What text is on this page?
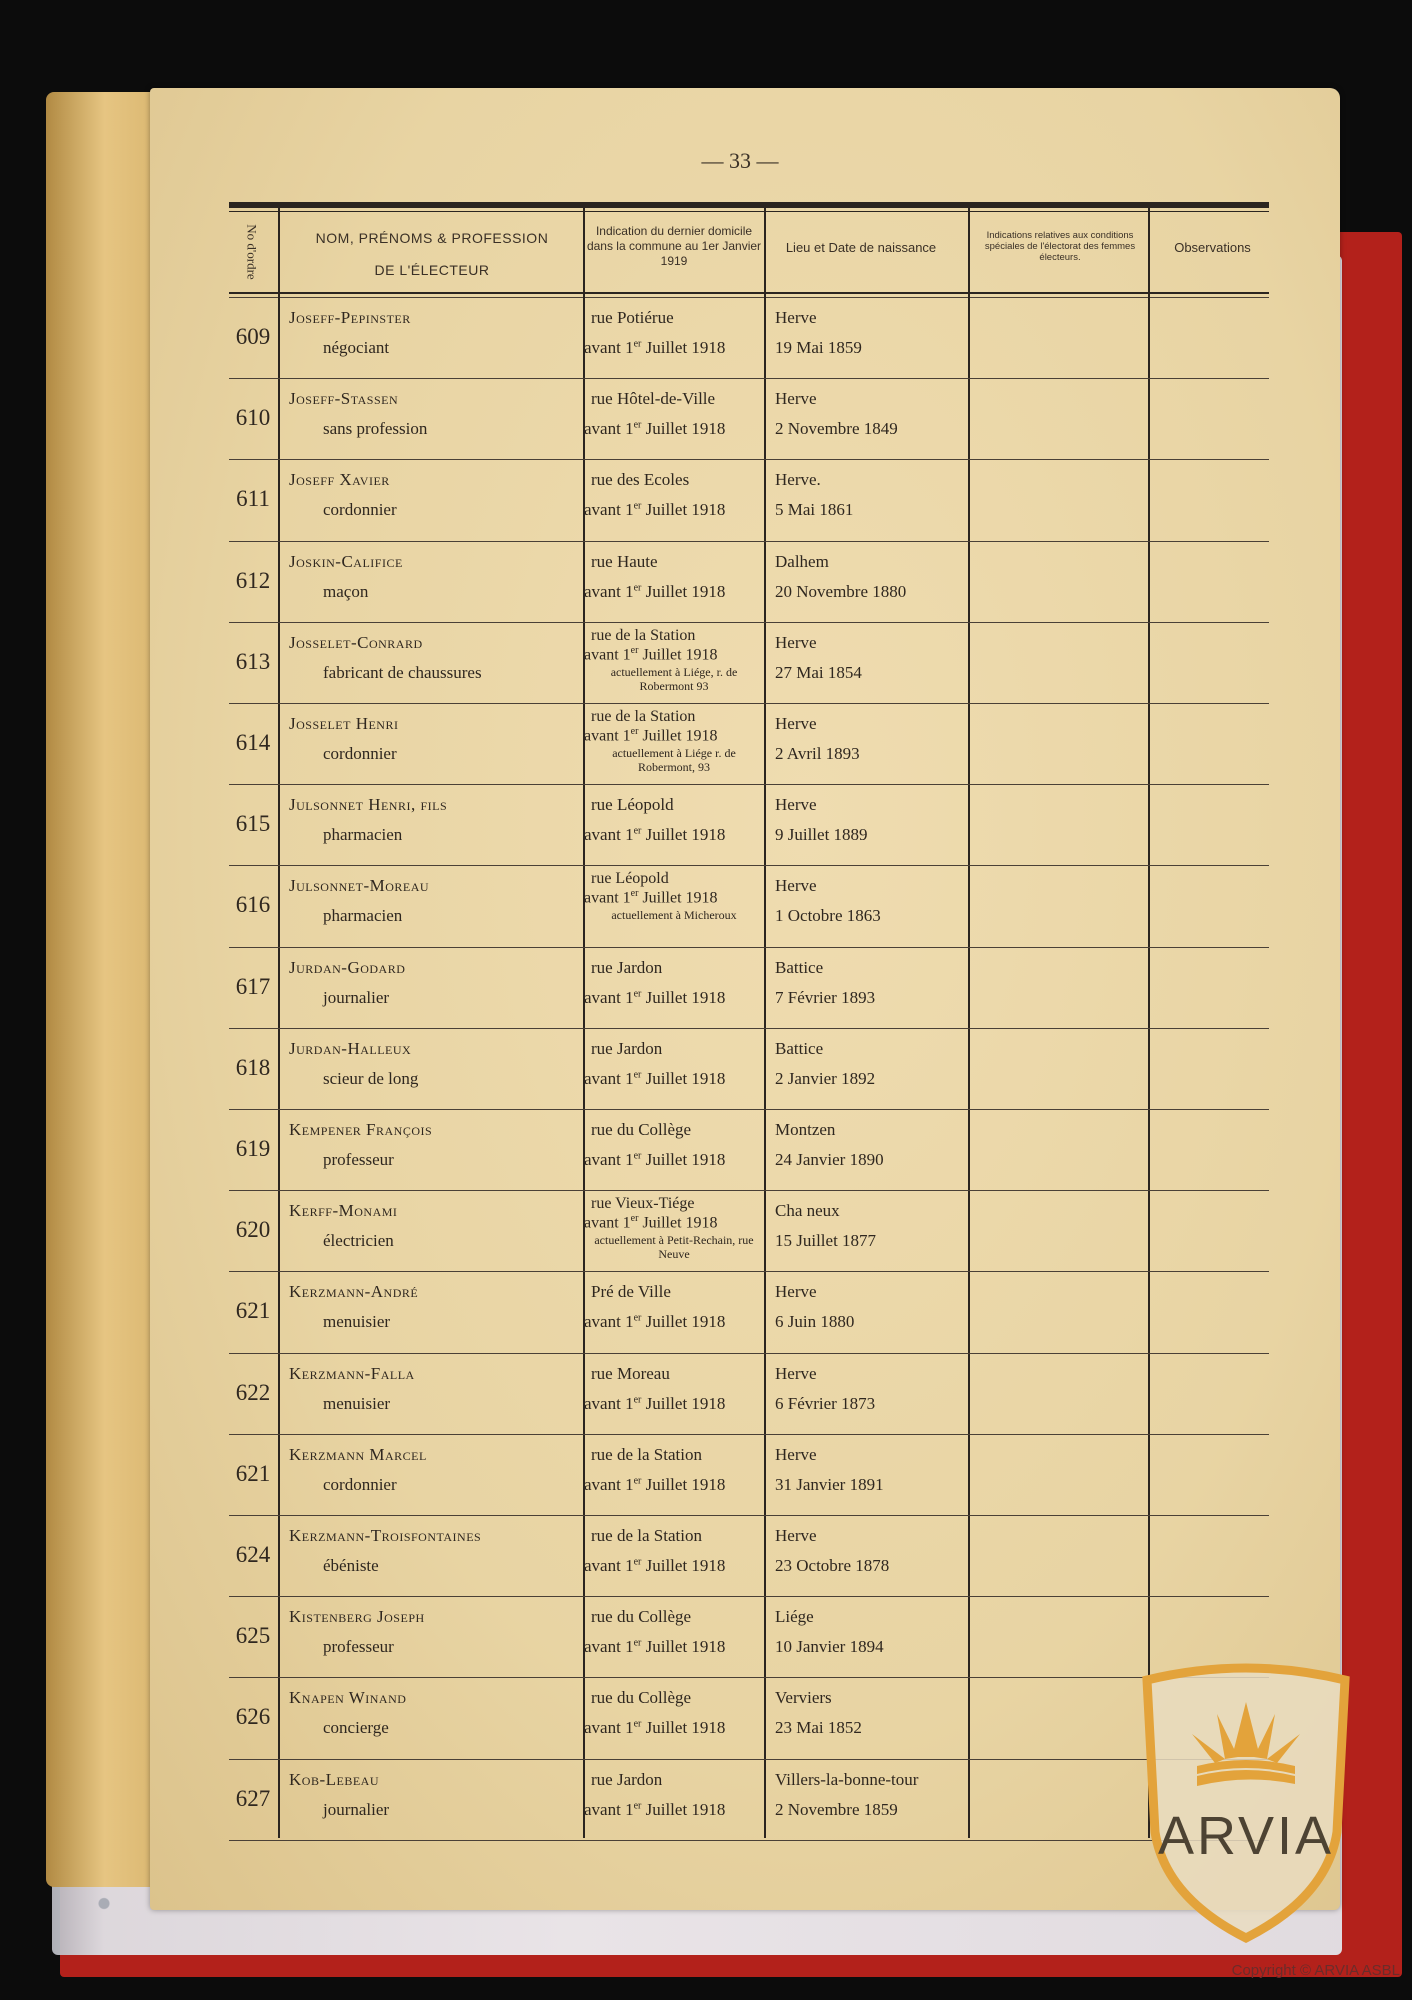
— 33 —
No d'ordre	NOM, PRÉNOMS & PROFESSION
DE L'ÉLECTEUR
Indication du dernier domicile dans la commune au 1er Janvier 1919
Lieu et Date de naissance
Indications relatives aux conditions spéciales de l'électorat des femmes électeurs.
Observations
609
Joseff-Pepinster
négociant
rue Potiérue
avant 1er Juillet 1918
Herve
19 Mai 1859
610
Joseff-Stassen
sans profession
rue Hôtel-de-Ville
avant 1er Juillet 1918
Herve
2 Novembre 1849
611
Joseff Xavier
cordonnier
rue des Ecoles
avant 1er Juillet 1918
Herve.
5 Mai 1861
612
Joskin-Califice
maçon
rue Haute
avant 1er Juillet 1918
Dalhem
20 Novembre 1880
613
Josselet-Conrard
fabricant de chaussures
rue de la Station
avant 1er Juillet 1918
actuellement à Liége, r. de Robermont 93
Herve
27 Mai 1854
614
Josselet Henri
cordonnier
rue de la Station
avant 1er Juillet 1918
actuellement à Liége r. de Robermont, 93
Herve
2 Avril 1893
615
Julsonnet Henri, fils
pharmacien
rue Léopold
avant 1er Juillet 1918
Herve
9 Juillet 1889
616
Julsonnet-Moreau
pharmacien
rue Léopold
avant 1er Juillet 1918
actuellement à Micheroux
Herve
1 Octobre 1863
617
Jurdan-Godard
journalier
rue Jardon
avant 1er Juillet 1918
Battice
7 Février 1893
618
Jurdan-Halleux
scieur de long
rue Jardon
avant 1er Juillet 1918
Battice
2 Janvier 1892
619
Kempener François
professeur
rue du Collège
avant 1er Juillet 1918
Montzen
24 Janvier 1890
620
Kerff-Monami
électricien
rue Vieux-Tiége
avant 1er Juillet 1918
actuellement à Petit-Rechain, rue Neuve
Cha neux
15 Juillet 1877
621
Kerzmann-André
menuisier
Pré de Ville
avant 1er Juillet 1918
Herve
6 Juin 1880
622
Kerzmann-Falla
menuisier
rue Moreau
avant 1er Juillet 1918
Herve
6 Février 1873
621
Kerzmann Marcel
cordonnier
rue de la Station
avant 1er Juillet 1918
Herve
31 Janvier 1891
624
Kerzmann-Troisfontaines
ébéniste
rue de la Station
avant 1er Juillet 1918
Herve
23 Octobre 1878
625
Kistenberg Joseph
professeur
rue du Collège
avant 1er Juillet 1918
Liége
10 Janvier 1894
626
Knapen Winand
concierge
rue du Collège
avant 1er Juillet 1918
Verviers
23 Mai 1852
627
Kob-Lebeau
journalier
rue Jardon
avant 1er Juillet 1918
Villers-la-bonne-tour
2 Novembre 1859	ARVIA
Copyright © ARVIA ASBL
